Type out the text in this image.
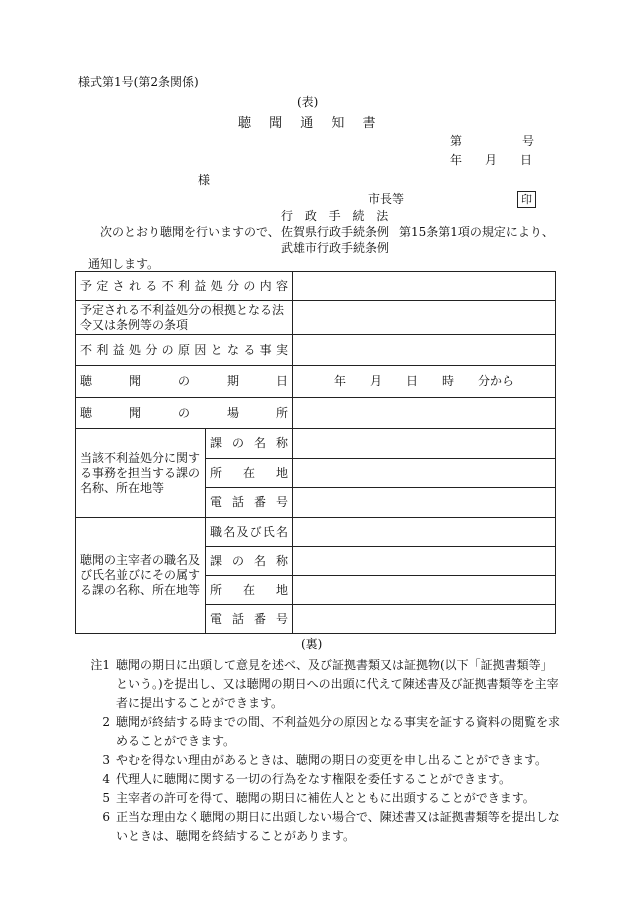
様式第1号(第2条関係)
(表)
聴 聞 通 知 書
第	号
年 月 日
様
市長等	印
行 政 手 続 法
次のとおり聴聞を行いますので、 佐賀県行政手続条例 第15条第1項の規定により、
武雄市行政手続条例
通知します。
予定される不利益処分の内容		
予定される不利益処分の根拠となる法令又は条例等の条項		
不利益処分の原因となる事実		
聴聞の期日		年　　月　　日　　時　　分から
聴聞の場所		
当該不利益処分に関する事務を担当する課の名称、所在地等	課の名称	
	所在地	
	電話番号	
聴聞の主宰者の職名及び氏名並びにその属する課の名称、所在地等	職名及び氏名	
	課の名称	
	所在地	
	電話番号	
(裏)
注1 聴聞の期日に出頭して意見を述べ、及び証拠書類又は証拠物(以下「証拠書類等」という。)を提出し、又は聴聞の期日への出頭に代えて陳述書及び証拠書類等を主宰者に提出することができます。
2 聴聞が終結する時までの間、不利益処分の原因となる事実を証する資料の閲覧を求めることができます。
3 やむを得ない理由があるときは、聴聞の期日の変更を申し出ることができます。
4 代理人に聴聞に関する一切の行為をなす権限を委任することができます。
5 主宰者の許可を得て、聴聞の期日に補佐人とともに出頭することができます。
6 正当な理由なく聴聞の期日に出頭しない場合で、陳述書又は証拠書類等を提出しないときは、聴聞を終結することがあります。
